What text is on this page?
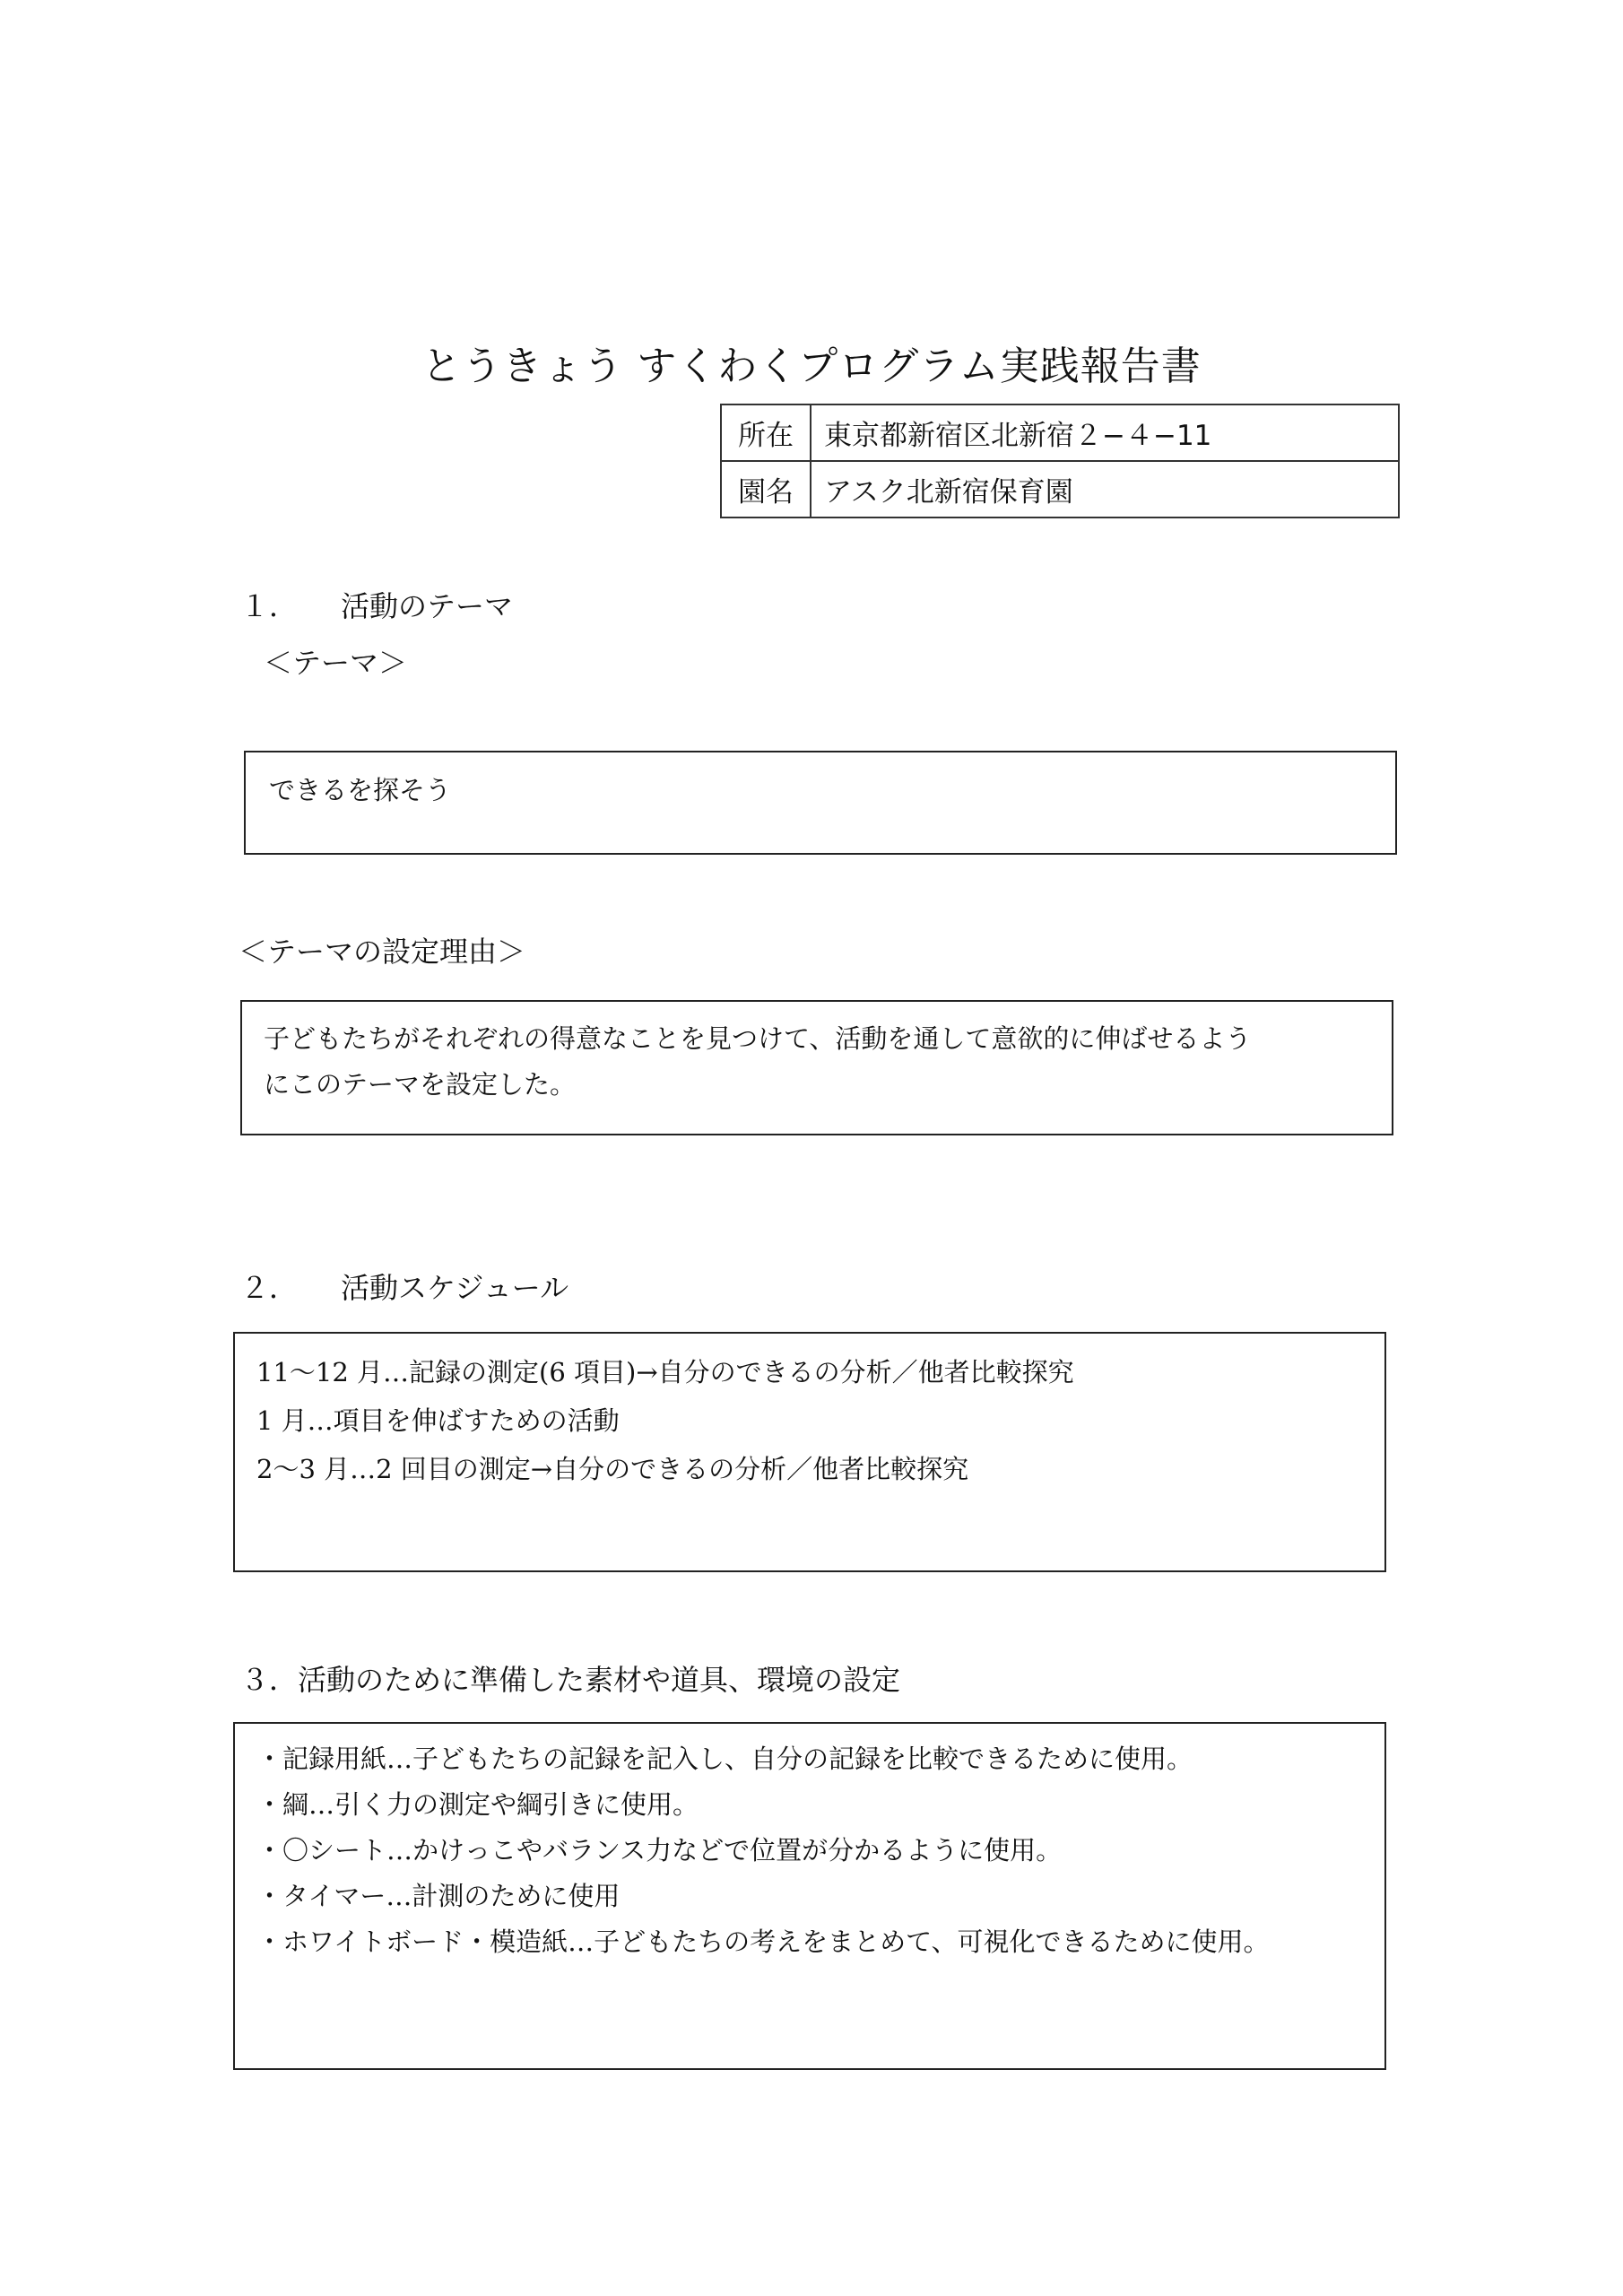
とうきょう すくわくプログラム実践報告書
所在	東京都新宿区北新宿２−４−11
園名	アスク北新宿保育園
１．　　活動のテーマ
＜テーマ＞

できるを探そう

＜テーマの設定理由＞

子どもたちがそれぞれの得意なことを見つけて、活動を通して意欲的に伸ばせるよう

にこのテーマを設定した。

２．　　活動スケジュール

11〜12 月…記録の測定(6 項目)→自分のできるの分析／他者比較探究

1 月…項目を伸ばすための活動

2〜3 月…2 回目の測定→自分のできるの分析／他者比較探究

３．活動のために準備した素材や道具、環境の設定

・記録用紙…子どもたちの記録を記入し、自分の記録を比較できるために使用。

・綱…引く力の測定や綱引きに使用。

・〇シート…かけっこやバランス力などで位置が分かるように使用。

・タイマー…計測のために使用

・ホワイトボード・模造紙…子どもたちの考えをまとめて、可視化できるために使用。
